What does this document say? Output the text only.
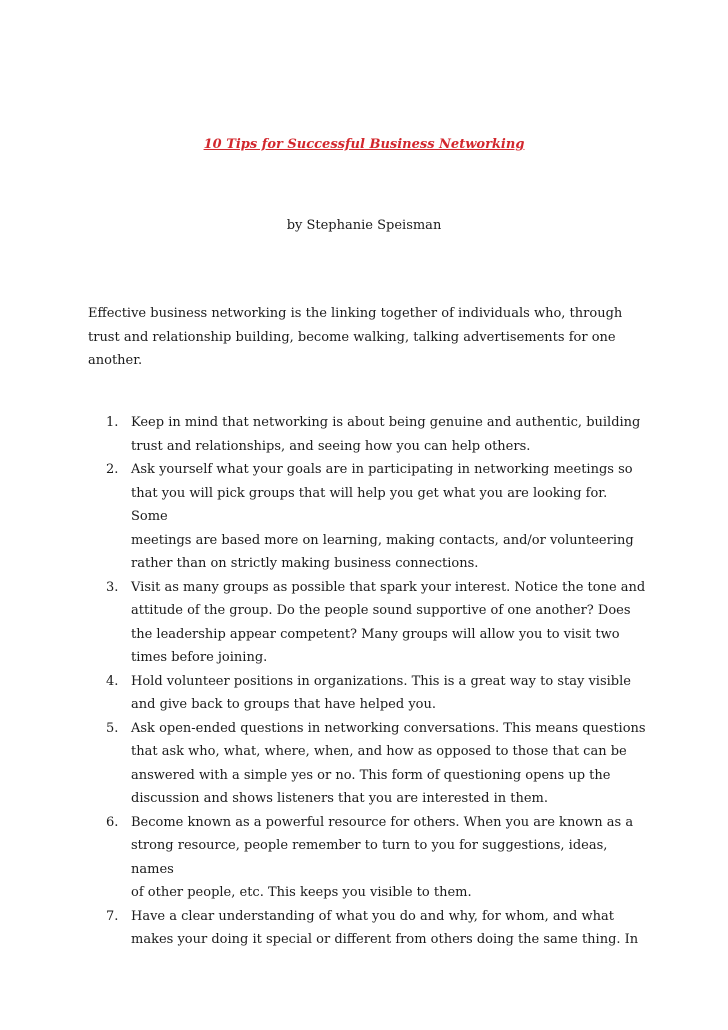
10 Tips for Successful Business Networking
by Stephanie Speisman

Effective business networking is the linking together of individuals who, through
trust and relationship building, become walking, talking advertisements for one
another.

1. Keep in mind that networking is about being genuine and authentic, building
trust and relationships, and seeing how you can help others.
2. Ask yourself what your goals are in participating in networking meetings so
that you will pick groups that will help you get what you are looking for. Some
meetings are based more on learning, making contacts, and/or volunteering
rather than on strictly making business connections.
3. Visit as many groups as possible that spark your interest. Notice the tone and
attitude of the group. Do the people sound supportive of one another? Does
the leadership appear competent? Many groups will allow you to visit two
times before joining.
4. Hold volunteer positions in organizations. This is a great way to stay visible
and give back to groups that have helped you.
5. Ask open-ended questions in networking conversations. This means questions
that ask who, what, where, when, and how as opposed to those that can be
answered with a simple yes or no. This form of questioning opens up the
discussion and shows listeners that you are interested in them.
6. Become known as a powerful resource for others. When you are known as a
strong resource, people remember to turn to you for suggestions, ideas, names
of other people, etc. This keeps you visible to them.
7. Have a clear understanding of what you do and why, for whom, and what
makes your doing it special or different from others doing the same thing. In
